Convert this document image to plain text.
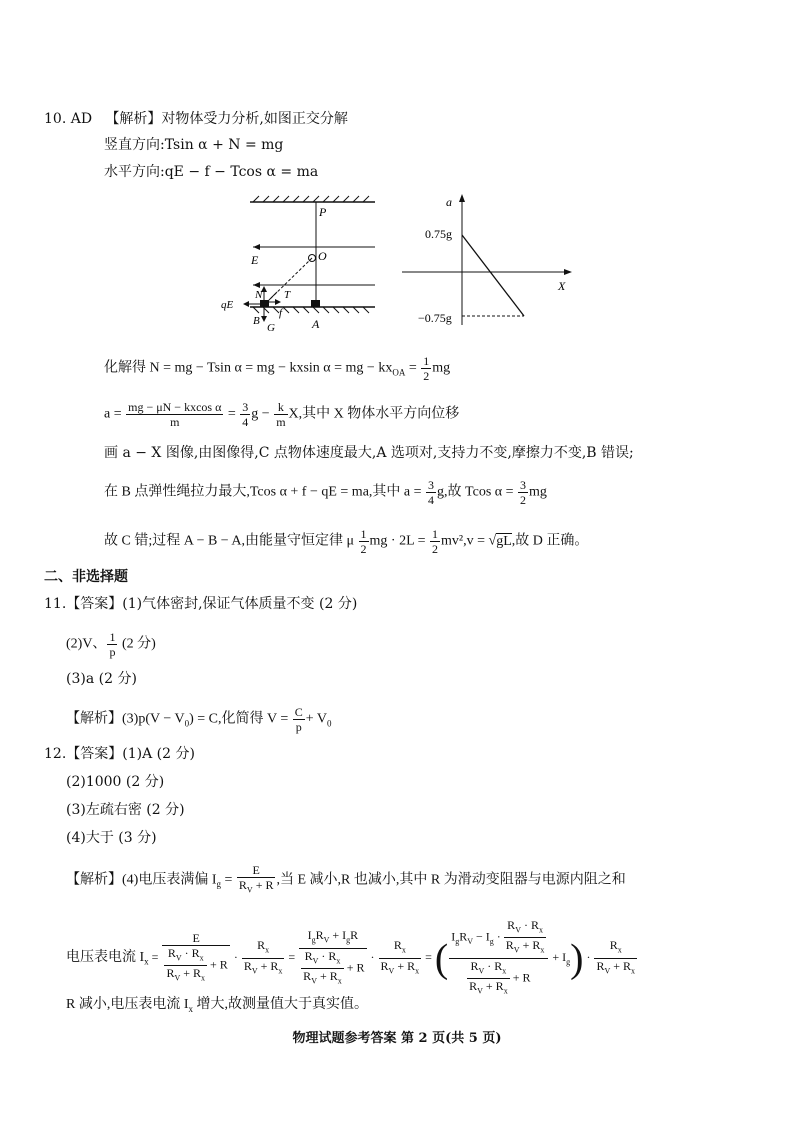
10. AD 【解析】对物体受力分析,如图正交分解
竖直方向:Tsin α + N = mg
水平方向:qE − f − Tcos α = ma
P
O
E
N T
qE
B
G
f
A
a
X
0.75g
−0.75g
化解得 N = mg − Tsin α = mg − kxsin α = mg − $kx_{OA} = \frac{1}{2}$ mg
$a = \frac{\text{mg − μN − kxcos α}}{m} = \frac{3}{4}$ $g - \frac{k}{m} X$,其中 X 物体水平方向位移
画 a − X 图像,由图像得,C 点物体速度最大,A 选项对,支持力不变,摩擦力不变,B 错误;
在 B 点弹性绳拉力最大,Tcos α + f − qE = ma,其中 $a = \frac{3}{4} g$,故 Tcos $\alpha = \frac{3}{2}$ mg
故 C 错;过程 A − B − A,由能量守恒定律 μ $\frac{1}{2}$ mg · $2L = \frac{1}{2} mv^2,v = √gL$,故 D 正确。
二、非选择题
11.【答案】(1)气体密封,保证气体质量不变 (2 分)
(2)V、 $\frac{1}{p} (2$ 分)
(3)a (2 分)
【解析】$(3)p(V - V_0) = C$,化简得 $V = \frac{C}{p} + V_0$
12.【答案】(1)A (2 分)
(2)1000 (2 分)
(3)左疏右密 (2 分)
(4)大于 (3 分)
【解析】(4)电压表满偏 $I_g = \frac{E}{R_V + R}$ ,当 E 减小,R 也减小,其中 R 为滑动变阻器与电源内阻之和
电压表电流 $I_x = \frac{E}{\frac{R_V \cdot R_x}{R_V + R_x} + R} \cdot \frac{R_x}{R_V + R_x} = \frac{I_gR_V + I_gR}{\frac{R_V \cdot R_x}{R_V + R_x} + R} \cdot \frac{R_x}{R_V + R_x}$ = ( $\frac{I_gR_V - I_g \cdot \frac{R_V \cdot R_x}{R_V + R_x}}{\frac{R_V \cdot R_x}{R_V + R_x} + R} + I_g) \cdot \frac{R_x}{R_V + R_x}$
R 减小,电压表电流 $I_x$ 增大,故测量值大于真实值。
物理试题参考答案 第 2 页(共 5 页)
